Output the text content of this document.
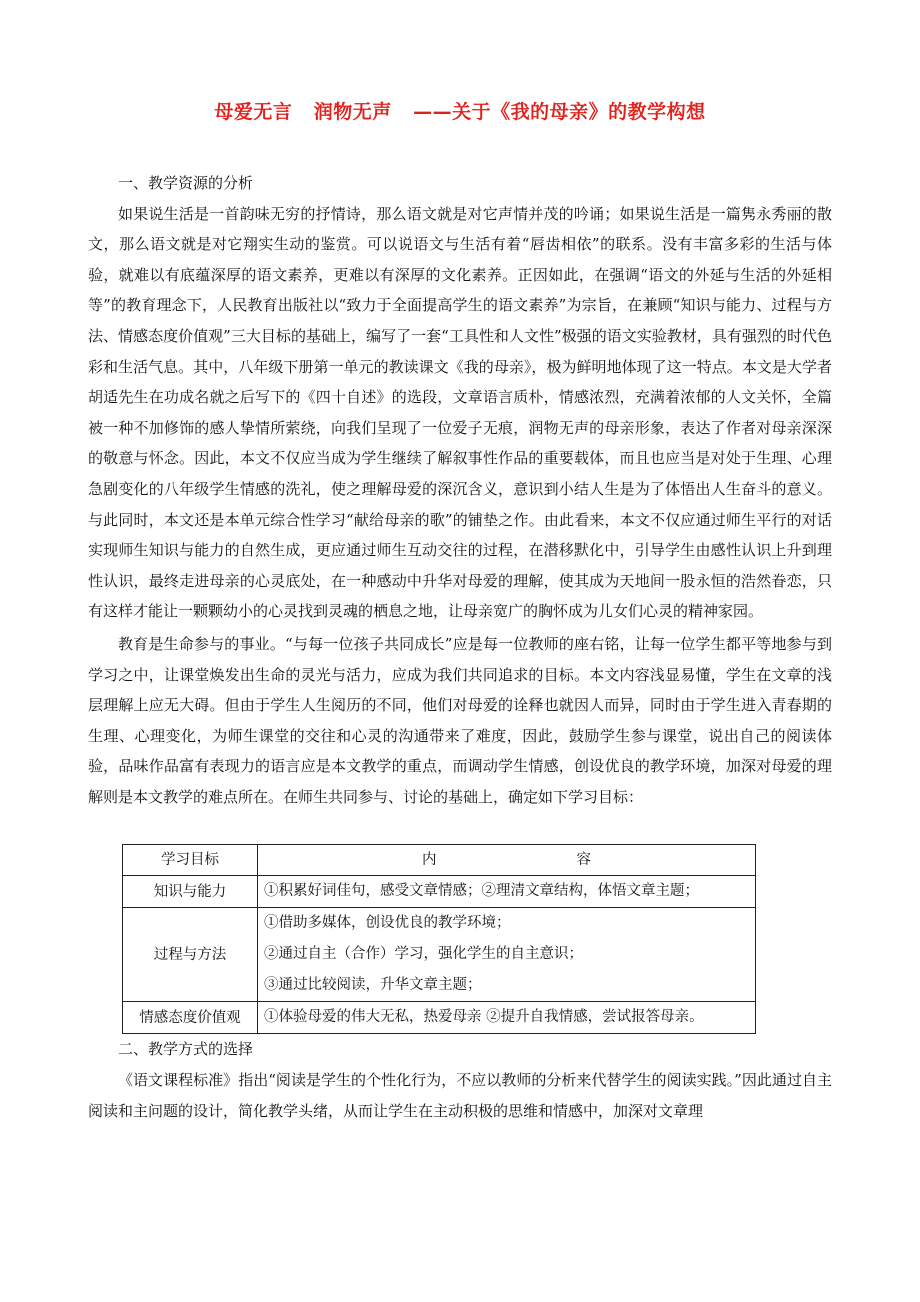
母爱无言   润物无声   ——关于《我的母亲》的教学构想

一、教学资源的分析

如果说生活是一首韵味无穷的抒情诗，那么语文就是对它声情并茂的吟诵；如果说生活是一篇隽永秀丽的散文，那么语文就是对它翔实生动的鉴赏。可以说语文与生活有着“唇齿相依”的联系。没有丰富多彩的生活与体验，就难以有底蕴深厚的语文素养，更难以有深厚的文化素养。正因如此，在强调“语文的外延与生活的外延相等”的教育理念下，人民教育出版社以“致力于全面提高学生的语文素养”为宗旨，在兼顾“知识与能力、过程与方法、情感态度价值观”三大目标的基础上，编写了一套“工具性和人文性”极强的语文实验教材，具有强烈的时代色彩和生活气息。其中，八年级下册第一单元的教读课文《我的母亲》，极为鲜明地体现了这一特点。本文是大学者胡适先生在功成名就之后写下的《四十自述》的选段，文章语言质朴，情感浓烈，充满着浓郁的人文关怀，全篇被一种不加修饰的感人挚情所萦绕，向我们呈现了一位爱子无痕，润物无声的母亲形象，表达了作者对母亲深深的敬意与怀念。因此，本文不仅应当成为学生继续了解叙事性作品的重要载体，而且也应当是对处于生理、心理急剧变化的八年级学生情感的洗礼，使之理解母爱的深沉含义，意识到小结人生是为了体悟出人生奋斗的意义。与此同时，本文还是本单元综合性学习“献给母亲的歌”的铺垫之作。由此看来，本文不仅应通过师生平行的对话实现师生知识与能力的自然生成，更应通过师生互动交往的过程，在潜移默化中，引导学生由感性认识上升到理性认识，最终走进母亲的心灵底处，在一种感动中升华对母爱的理解，使其成为天地间一股永恒的浩然眷恋，只有这样才能让一颗颗幼小的心灵找到灵魂的栖息之地，让母亲宽广的胸怀成为儿女们心灵的精神家园。

教育是生命参与的事业。“与每一位孩子共同成长”应是每一位教师的座右铭，让每一位学生都平等地参与到学习之中，让课堂焕发出生命的灵光与活力，应成为我们共同追求的目标。本文内容浅显易懂，学生在文章的浅层理解上应无大碍。但由于学生人生阅历的不同，他们对母爱的诠释也就因人而异，同时由于学生进入青春期的生理、心理变化，为师生课堂的交往和心灵的沟通带来了难度，因此，鼓励学生参与课堂，说出自己的阅读体验，品味作品富有表现力的语言应是本文教学的重点，而调动学生情感，创设优良的教学环境，加深对母爱的理解则是本文教学的难点所在。在师生共同参与、讨论的基础上，确定如下学习目标：

学习目标	内 容
知识与能力	①积累好词佳句，感受文章情感；②理清文章结构，体悟文章主题；

过程与方法	①借助多媒体，创设优良的教学环境；
②通过自主（合作）学习，强化学生的自主意识；
③通过比较阅读，升华文章主题；

情感态度价值观	①体验母爱的伟大无私，热爱母亲 ②提升自我情感，尝试报答母亲。

二、教学方式的选择

《语文课程标准》指出“阅读是学生的个性化行为，不应以教师的分析来代替学生的阅读实践。”因此通过自主阅读和主问题的设计，简化教学头绪，从而让学生在主动积极的思维和情感中，加深对文章理
